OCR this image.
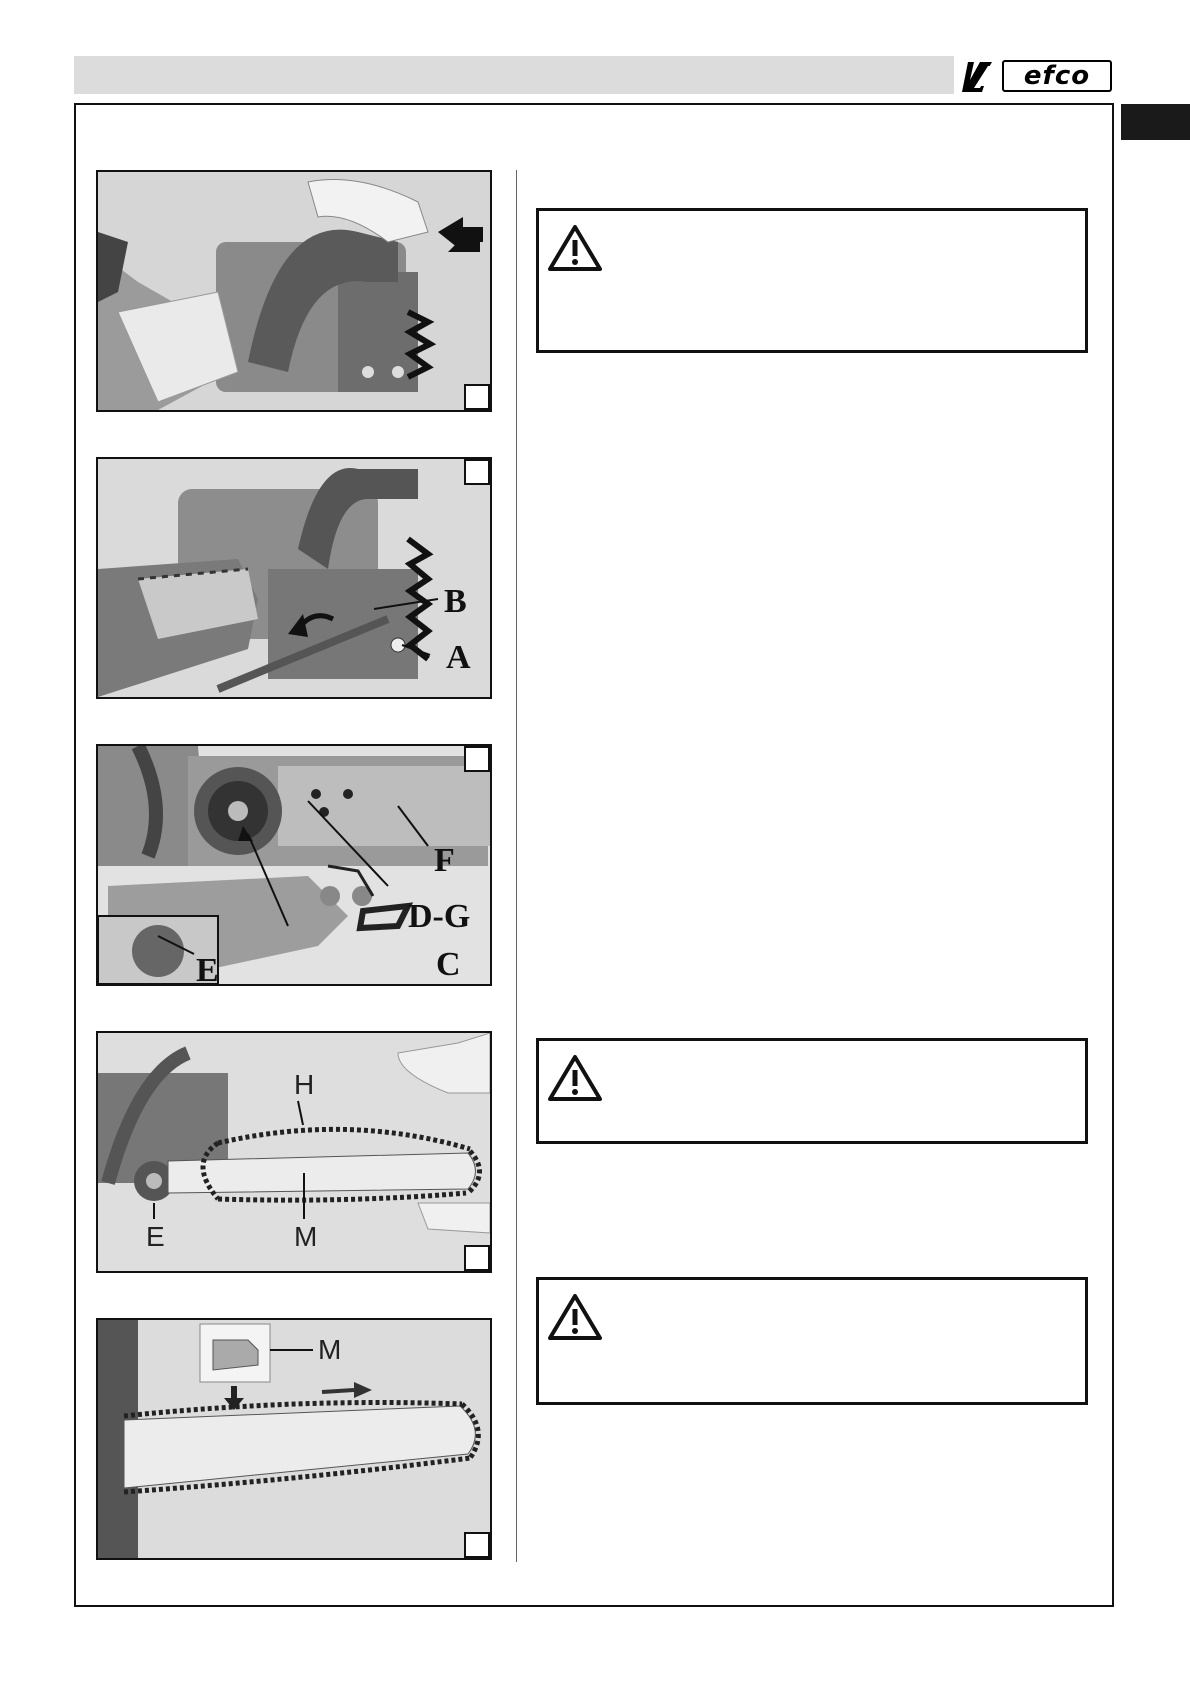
efco
B
A
F
D-G
C
E
H
E	M
M
